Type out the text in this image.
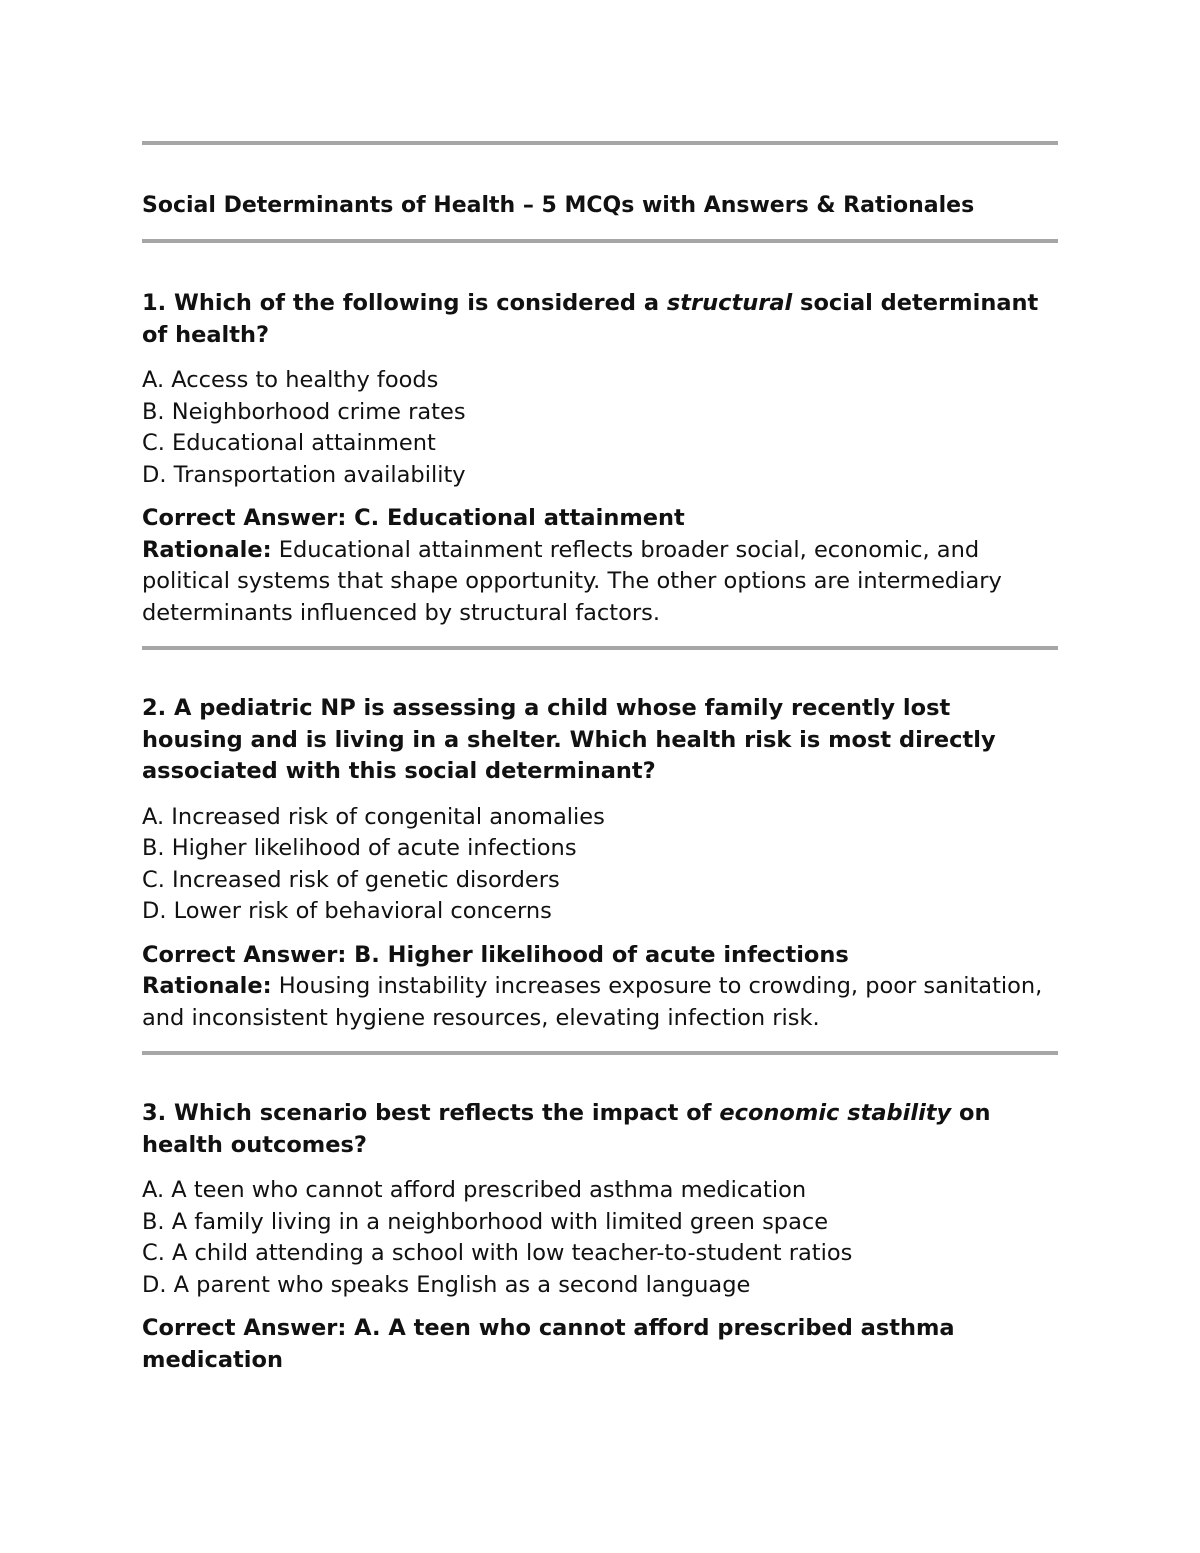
Social Determinants of Health – 5 MCQs with Answers & Rationales
1. Which of the following is considered a structural social determinant of health?
A. Access to healthy foods
B. Neighborhood crime rates
C. Educational attainment
D. Transportation availability
Correct Answer: C. Educational attainment
Rationale: Educational attainment reflects broader social, economic, and political systems that shape opportunity. The other options are intermediary determinants influenced by structural factors.
2. A pediatric NP is assessing a child whose family recently lost housing and is living in a shelter. Which health risk is most directly associated with this social determinant?
A. Increased risk of congenital anomalies
B. Higher likelihood of acute infections
C. Increased risk of genetic disorders
D. Lower risk of behavioral concerns
Correct Answer: B. Higher likelihood of acute infections
Rationale: Housing instability increases exposure to crowding, poor sanitation, and inconsistent hygiene resources, elevating infection risk.
3. Which scenario best reflects the impact of economic stability on health outcomes?
A. A teen who cannot afford prescribed asthma medication
B. A family living in a neighborhood with limited green space
C. A child attending a school with low teacher-to-student ratios
D. A parent who speaks English as a second language
Correct Answer: A. A teen who cannot afford prescribed asthma medication
